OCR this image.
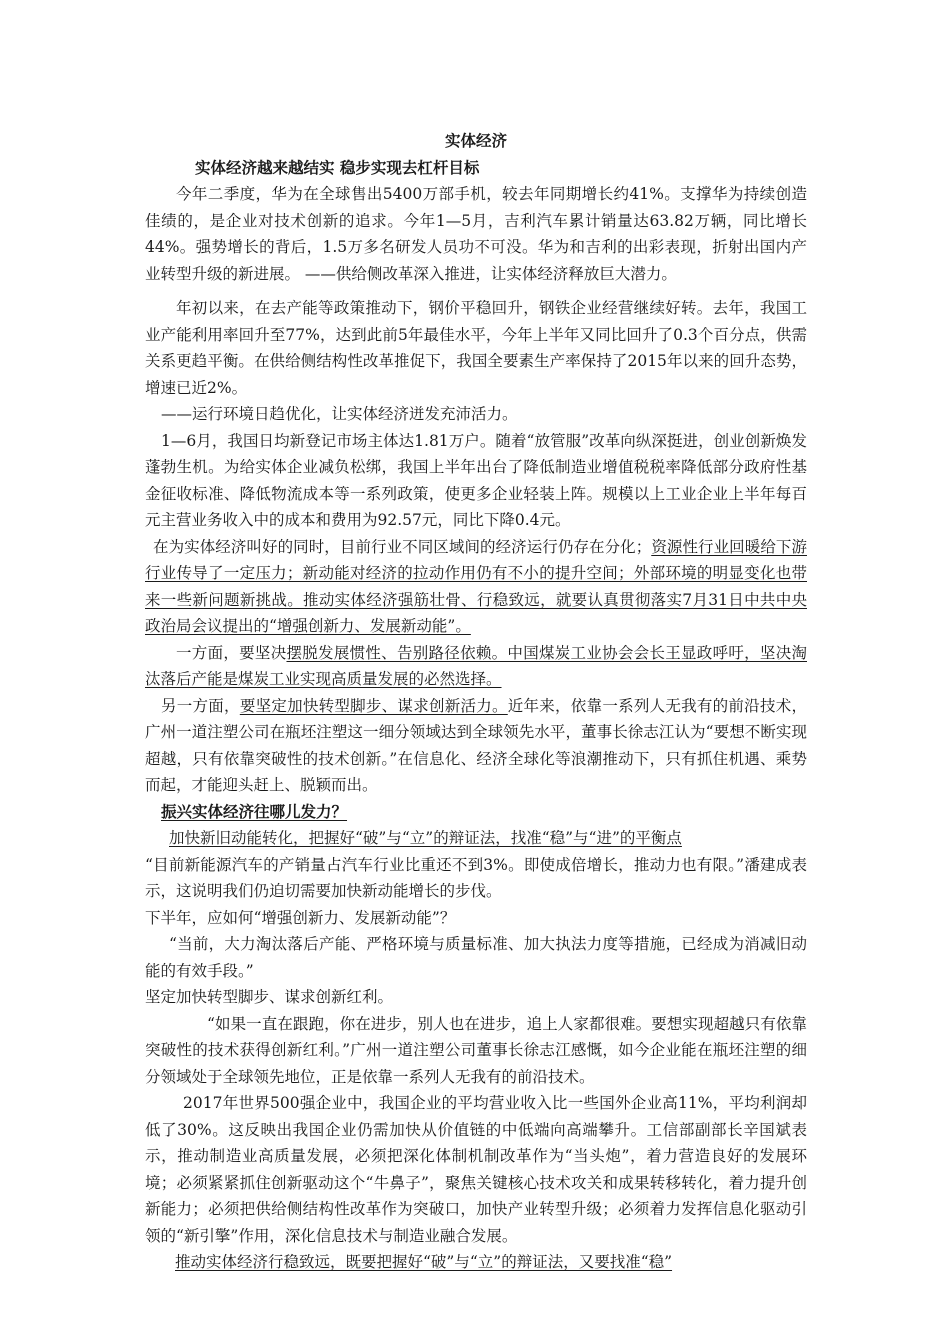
实体经济

实体经济越来越结实 稳步实现去杠杆目标

今年二季度，华为在全球售出5400万部手机，较去年同期增长约41%。支撑华为持续创造佳绩的，是企业对技术创新的追求。今年1—5月，吉利汽车累计销量达63.82万辆，同比增长44%。强势增长的背后，1.5万多名研发人员功不可没。华为和吉利的出彩表现，折射出国内产业转型升级的新进展。 ——供给侧改革深入推进，让实体经济释放巨大潜力。

年初以来，在去产能等政策推动下，钢价平稳回升，钢铁企业经营继续好转。去年，我国工业产能利用率回升至77%，达到此前5年最佳水平，今年上半年又同比回升了0.3个百分点，供需关系更趋平衡。在供给侧结构性改革推促下，我国全要素生产率保持了2015年以来的回升态势，增速已近2%。

——运行环境日趋优化，让实体经济迸发充沛活力。

1—6月，我国日均新登记市场主体达1.81万户。随着“放管服”改革向纵深挺进，创业创新焕发蓬勃生机。为给实体企业减负松绑，我国上半年出台了降低制造业增值税税率降低部分政府性基金征收标准、降低物流成本等一系列政策，使更多企业轻装上阵。规模以上工业企业上半年每百元主营业务收入中的成本和费用为92.57元，同比下降0.4元。

在为实体经济叫好的同时，目前行业不同区域间的经济运行仍存在分化；资源性行业回暖给下游行业传导了一定压力；新动能对经济的拉动作用仍有不小的提升空间；外部环境的明显变化也带来一些新问题新挑战。推动实体经济强筋壮骨、行稳致远，就要认真贯彻落实7月31日中共中央政治局会议提出的“增强创新力、发展新动能”。

一方面，要坚决摆脱发展惯性、告别路径依赖。中国煤炭工业协会会长王显政呼吁，坚决淘汰落后产能是煤炭工业实现高质量发展的必然选择。

另一方面，要坚定加快转型脚步、谋求创新活力。近年来，依靠一系列人无我有的前沿技术，广州一道注塑公司在瓶坯注塑这一细分领域达到全球领先水平，董事长徐志江认为“要想不断实现超越，只有依靠突破性的技术创新。”在信息化、经济全球化等浪潮推动下，只有抓住机遇、乘势而起，才能迎头赶上、脱颖而出。

振兴实体经济往哪儿发力？

加快新旧动能转化，把握好“破”与“立”的辩证法，找准“稳”与“进”的平衡点

“目前新能源汽车的产销量占汽车行业比重还不到3%。即使成倍增长，推动力也有限。”潘建成表示，这说明我们仍迫切需要加快新动能增长的步伐。

下半年，应如何“增强创新力、发展新动能”？

“当前，大力淘汰落后产能、严格环境与质量标准、加大执法力度等措施，已经成为消减旧动能的有效手段。”

坚定加快转型脚步、谋求创新红利。

“如果一直在跟跑，你在进步，别人也在进步，追上人家都很难。要想实现超越只有依靠突破性的技术获得创新红利。”广州一道注塑公司董事长徐志江感慨，如今企业能在瓶坯注塑的细分领域处于全球领先地位，正是依靠一系列人无我有的前沿技术。

2017年世界500强企业中，我国企业的平均营业收入比一些国外企业高11%，平均利润却低了30%。这反映出我国企业仍需加快从价值链的中低端向高端攀升。工信部副部长辛国斌表示，推动制造业高质量发展，必须把深化体制机制改革作为“当头炮”，着力营造良好的发展环境；必须紧紧抓住创新驱动这个“牛鼻子”，聚焦关键核心技术攻关和成果转移转化，着力提升创新能力；必须把供给侧结构性改革作为突破口，加快产业转型升级；必须着力发挥信息化驱动引领的“新引擎”作用，深化信息技术与制造业融合发展。

推动实体经济行稳致远，既要把握好“破”与“立”的辩证法，又要找准“稳”
